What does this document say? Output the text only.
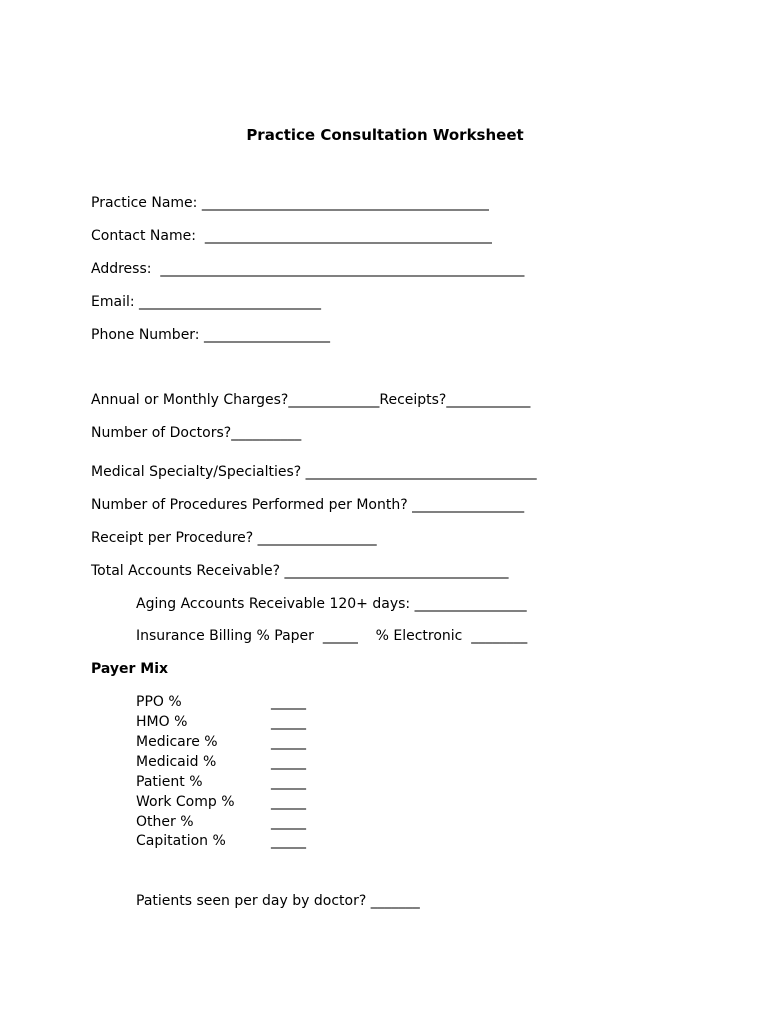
Practice Consultation Worksheet
Practice Name: _________________________________________
Contact Name:  _________________________________________
Address:  ____________________________________________________
Email: __________________________
Phone Number: __________________
Annual or Monthly Charges?_____________Receipts?____________
Number of Doctors?__________
Medical Specialty/Specialties? _________________________________
Number of Procedures Performed per Month? ________________
Receipt per Procedure? _________________
Total Accounts Receivable? ________________________________
Aging Accounts Receivable 120+ days: ________________
Insurance Billing % Paper  _____    % Electronic  ________
Payer Mix
PPO %	_____
HMO %	_____
Medicare %	_____
Medicaid %	_____
Patient %	_____
Work Comp %	_____
Other %	_____
Capitation %	_____
Patients seen per day by doctor? _______
